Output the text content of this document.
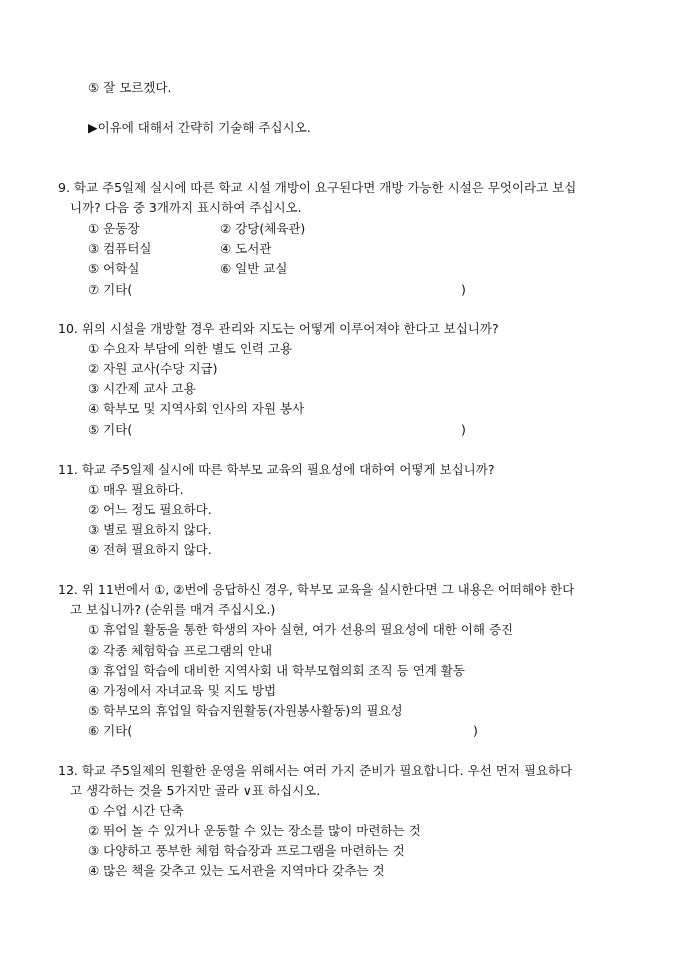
⑤ 잘 모르겠다.
▶이유에 대해서 간략히 기술해 주십시오.
9. 학교 주5일제 실시에 따른 학교 시설 개방이 요구된다면 개방 가능한 시설은 무엇이라고 보십
니까? 다음 중 3개까지 표시하여 주십시오.
① 운동장	② 강당(체육관)
③ 컴퓨터실	④ 도서관
⑤ 어학실	⑥ 일반 교실
⑦ 기타(	)
10. 위의 시설을 개방할 경우 관리와 지도는 어떻게 이루어져야 한다고 보십니까?
① 수요자 부담에 의한 별도 인력 고용
② 자원 교사(수당 지급)
③ 시간제 교사 고용
④ 학부모 및 지역사회 인사의 자원 봉사
⑤ 기타(	)
11. 학교 주5일제 실시에 따른 학부모 교육의 필요성에 대하여 어떻게 보십니까?
① 매우 필요하다.
② 어느 정도 필요하다.
③ 별로 필요하지 않다.
④ 전혀 필요하지 않다.
12. 위 11번에서 ①, ②번에 응답하신 경우, 학부모 교육을 실시한다면 그 내용은 어떠해야 한다
고 보십니까? (순위를 매겨 주십시오.)
① 휴업일 활동을 통한 학생의 자아 실현, 여가 선용의 필요성에 대한 이해 증진
② 각종 체험학습 프로그램의 안내
③ 휴업일 학습에 대비한 지역사회 내 학부모협의회 조직 등 연계 활동
④ 가정에서 자녀교육 및 지도 방법
⑤ 학부모의 휴업일 학습지원활동(자원봉사활동)의 필요성
⑥ 기타(	)
13. 학교 주5일제의 원활한 운영을 위해서는 여러 가지 준비가 필요합니다. 우선 먼저 필요하다
고 생각하는 것을 5가지만 골라 ∨표 하십시오.
① 수업 시간 단축
② 뛰어 놀 수 있거나 운동할 수 있는 장소를 많이 마련하는 것
③ 다양하고 풍부한 체험 학습장과 프로그램을 마련하는 것
④ 많은 책을 갖추고 있는 도서관을 지역마다 갖추는 것
